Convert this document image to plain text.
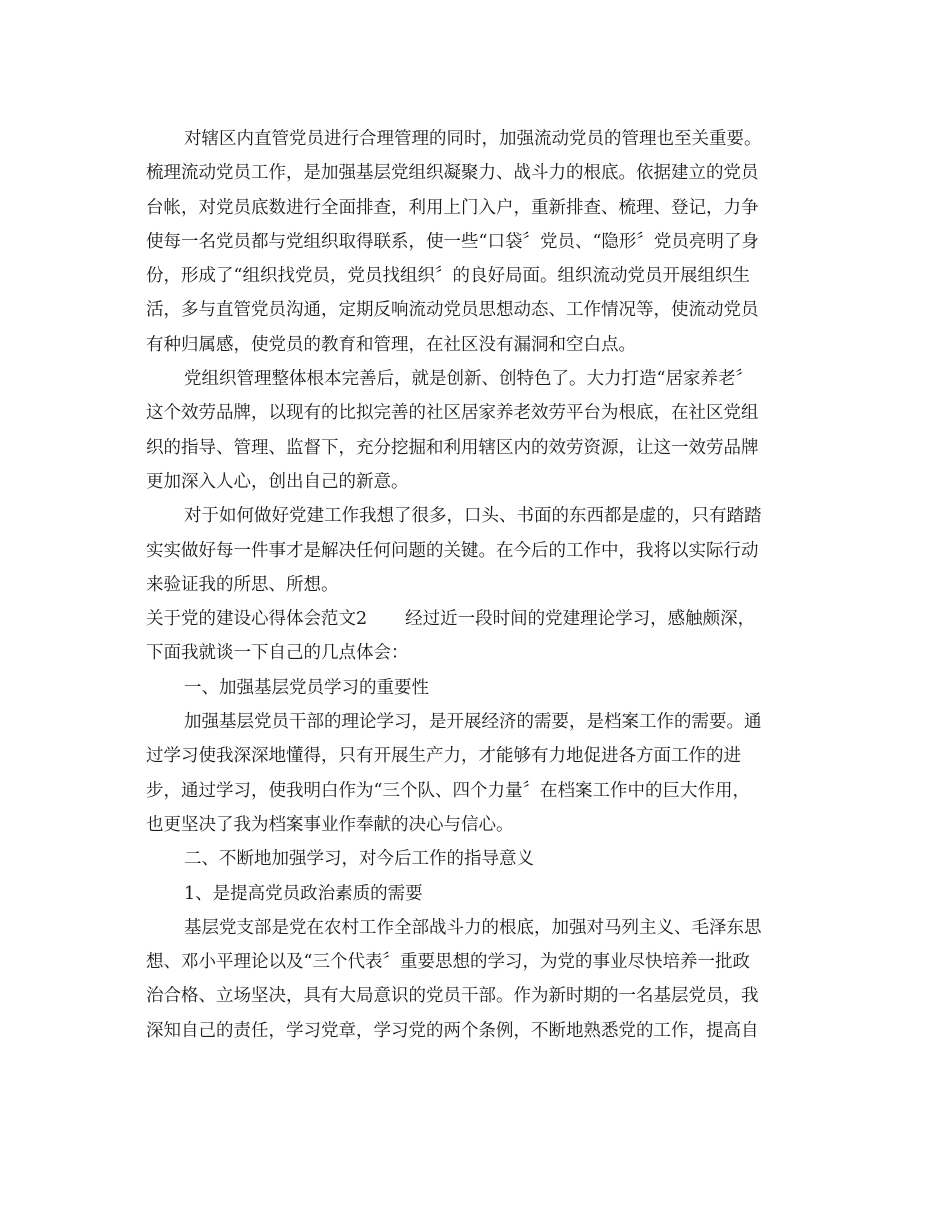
对辖区内直管党员进行合理管理的同时，加强流动党员的管理也至关重要。
梳理流动党员工作，是加强基层党组织凝聚力、战斗力的根底。依据建立的党员
台帐，对党员底数进行全面排查，利用上门入户，重新排查、梳理、登记，力争
使每一名党员都与党组织取得联系，使一些“口袋〞党员、“隐形〞党员亮明了身
份，形成了“组织找党员，党员找组织〞的良好局面。组织流动党员开展组织生
活，多与直管党员沟通，定期反响流动党员思想动态、工作情况等，使流动党员
有种归属感，使党员的教育和管理，在社区没有漏洞和空白点。
党组织管理整体根本完善后，就是创新、创特色了。大力打造“居家养老〞
这个效劳品牌，以现有的比拟完善的社区居家养老效劳平台为根底，在社区党组
织的指导、管理、监督下，充分挖掘和利用辖区内的效劳资源，让这一效劳品牌
更加深入人心，创出自己的新意。
对于如何做好党建工作我想了很多，口头、书面的东西都是虚的，只有踏踏
实实做好每一件事才是解决任何问题的关键。在今后的工作中，我将以实际行动
来验证我的所思、所想。
关于党的建设心得体会范文2 经过近一段时间的党建理论学习，感触颇深，
下面我就谈一下自己的几点体会：
一、加强基层党员学习的重要性
加强基层党员干部的理论学习，是开展经济的需要，是档案工作的需要。通
过学习使我深深地懂得，只有开展生产力，才能够有力地促进各方面工作的进
步，通过学习，使我明白作为“三个队、四个力量〞在档案工作中的巨大作用，
也更坚决了我为档案事业作奉献的决心与信心。
二、不断地加强学习，对今后工作的指导意义
1、是提高党员政治素质的需要
基层党支部是党在农村工作全部战斗力的根底，加强对马列主义、毛泽东思
想、邓小平理论以及“三个代表〞重要思想的学习，为党的事业尽快培养一批政
治合格、立场坚决，具有大局意识的党员干部。作为新时期的一名基层党员，我
深知自己的责任，学习党章，学习党的两个条例，不断地熟悉党的工作，提高自
